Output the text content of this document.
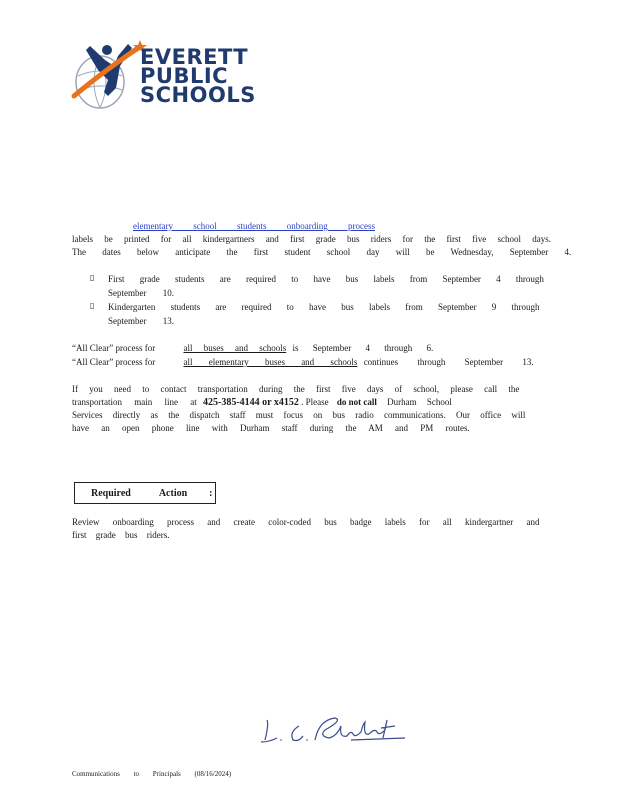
EVERETT
PUBLIC
SCHOOLS
elementary school students onboarding process
labels be printed for all kindergartners and first grade bus riders for the first five school days.
The dates below anticipate the first student school day will be Wednesday, September 4.
▯ First grade students are required to have bus labels from September 4 through
September 10.
▯ Kindergarten students are required to have bus labels from September 9 through
September 13.
“All Clear” process for	all buses and schools is September 4 through 6.
“All Clear” process for	all elementary buses and schools continues through September 13.
If you need to contact transportation during the first five days of school, please call the
transportation main line at 425-385-4144 or x4152 . Please do not call Durham School
Services directly as the dispatch staff must focus on bus radio communications. Our office will
have an open phone line with Durham staff during the AM and PM routes.
Required	Action :
Review onboarding process and create color-coded bus badge labels for all kindergartner and
first grade bus riders.
Communications to Principals (08/16/2024)
